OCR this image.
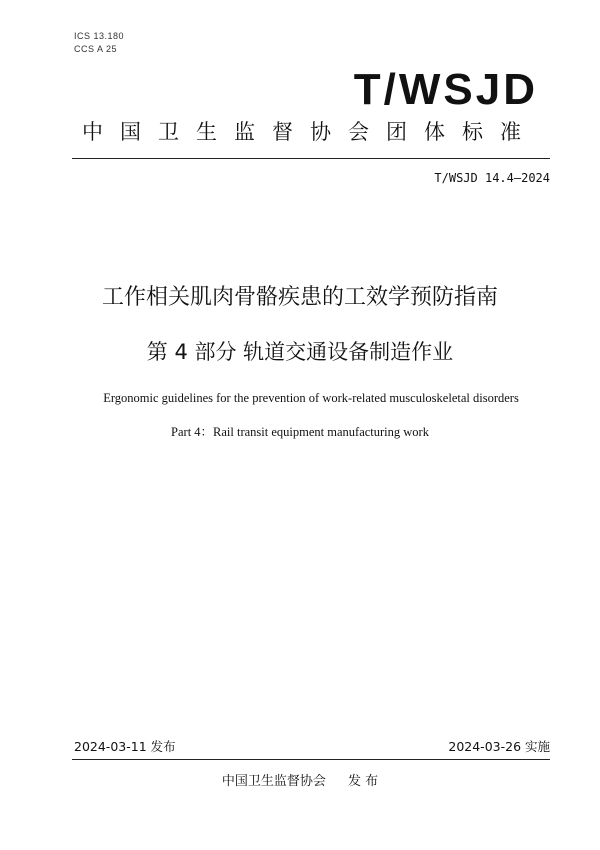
ICS 13.180
CCS A 25
T/WSJD
中国卫生监督协会团体标准
T/WSJD 14.4—2024
工作相关肌肉骨骼疾患的工效学预防指南
第 4 部分 轨道交通设备制造作业
Ergonomic guidelines for the prevention of work-related musculoskeletal disorders
Part 4：Rail transit equipment manufacturing work
2024-03-11 发布	2024-03-26 实施
中国卫生监督协会 发 布
